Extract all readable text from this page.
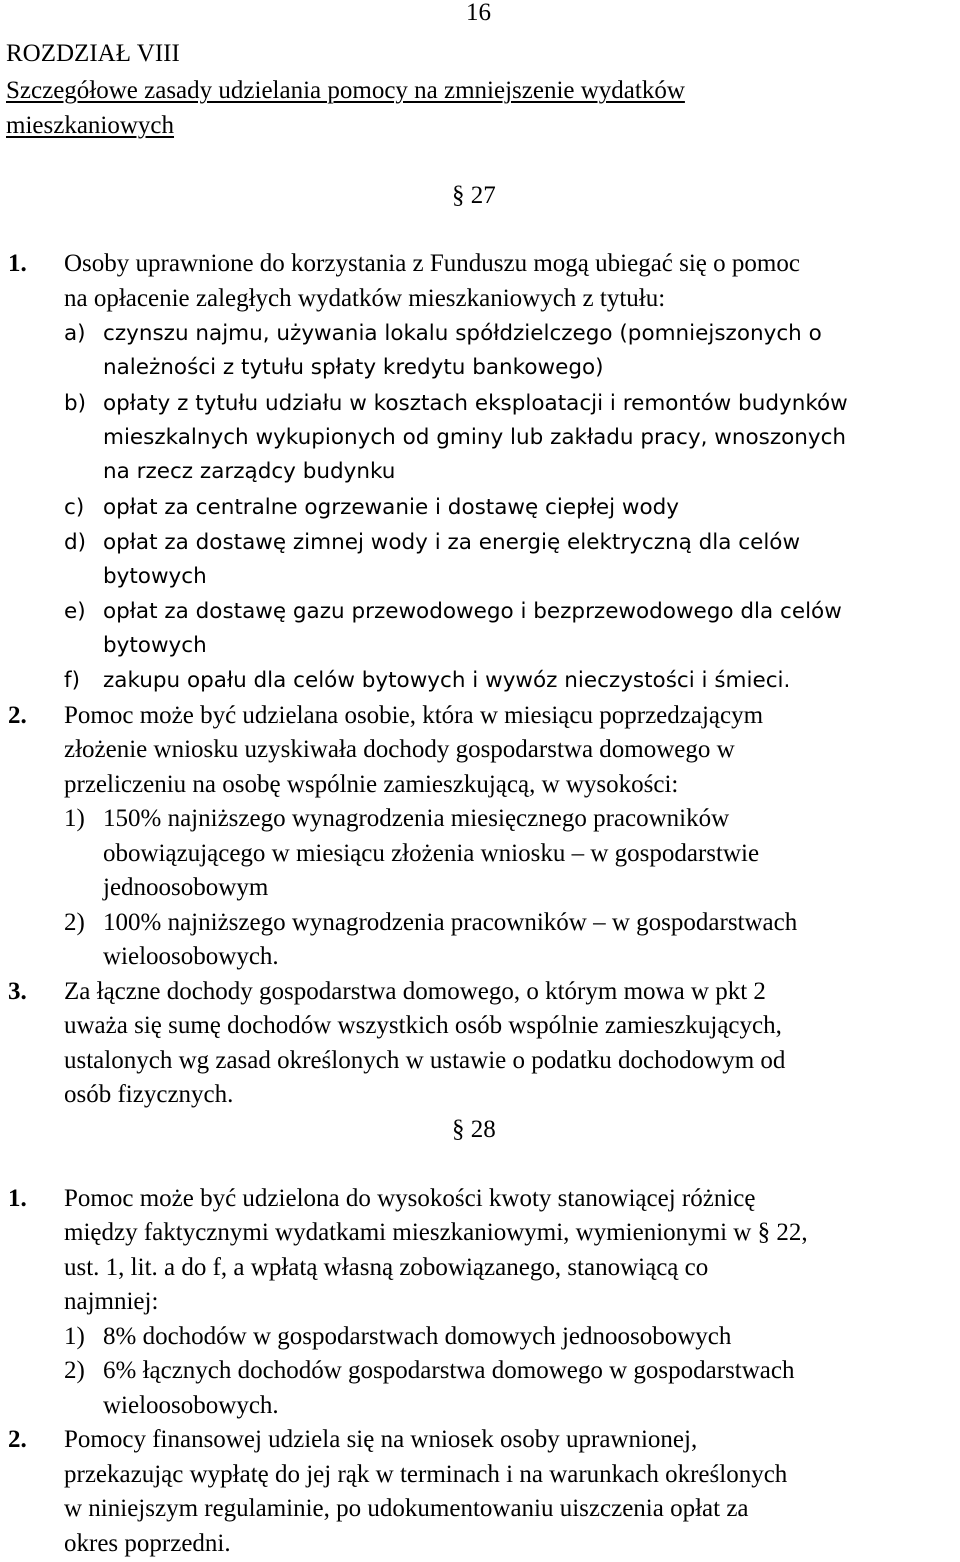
16
ROZDZIAŁ VIII
Szczegółowe zasady udzielania pomocy na zmniejszenie wydatków
mieszkaniowych
§ 27
1. Osoby uprawnione do korzystania z Funduszu mogą ubiegać się o pomoc
na opłacenie zaległych wydatków mieszkaniowych z tytułu:
a) czynszu najmu, używania lokalu spółdzielczego (pomniejszonych o
należności z tytułu spłaty kredytu bankowego)
b) opłaty z tytułu udziału w kosztach eksploatacji i remontów budynków
mieszkalnych wykupionych od gminy lub zakładu pracy, wnoszonych
na rzecz zarządcy budynku
c) opłat za centralne ogrzewanie i dostawę ciepłej wody
d) opłat za dostawę zimnej wody i za energię elektryczną dla celów
bytowych
e) opłat za dostawę gazu przewodowego i bezprzewodowego dla celów
bytowych
f) zakupu opału dla celów bytowych i wywóz nieczystości i śmieci.
2. Pomoc może być udzielana osobie, która w miesiącu poprzedzającym
złożenie wniosku uzyskiwała dochody gospodarstwa domowego w
przeliczeniu na osobę wspólnie zamieszkującą, w wysokości:
1) 150% najniższego wynagrodzenia miesięcznego pracowników
obowiązującego w miesiącu złożenia wniosku – w gospodarstwie
jednoosobowym
2) 100% najniższego wynagrodzenia pracowników – w gospodarstwach
wieloosobowych.
3. Za łączne dochody gospodarstwa domowego, o którym mowa w pkt 2
uważa się sumę dochodów wszystkich osób wspólnie zamieszkujących,
ustalonych wg zasad określonych w ustawie o podatku dochodowym od
osób fizycznych.
§ 28
1. Pomoc może być udzielona do wysokości kwoty stanowiącej różnicę
między faktycznymi wydatkami mieszkaniowymi, wymienionymi w § 22,
ust. 1, lit. a do f, a wpłatą własną zobowiązanego, stanowiącą co
najmniej:
1) 8% dochodów w gospodarstwach domowych jednoosobowych
2) 6% łącznych dochodów gospodarstwa domowego w gospodarstwach
wieloosobowych.
2. Pomocy finansowej udziela się na wniosek osoby uprawnionej,
przekazując wypłatę do jej rąk w terminach i na warunkach określonych
w niniejszym regulaminie, po udokumentowaniu uiszczenia opłat za
okres poprzedni.
